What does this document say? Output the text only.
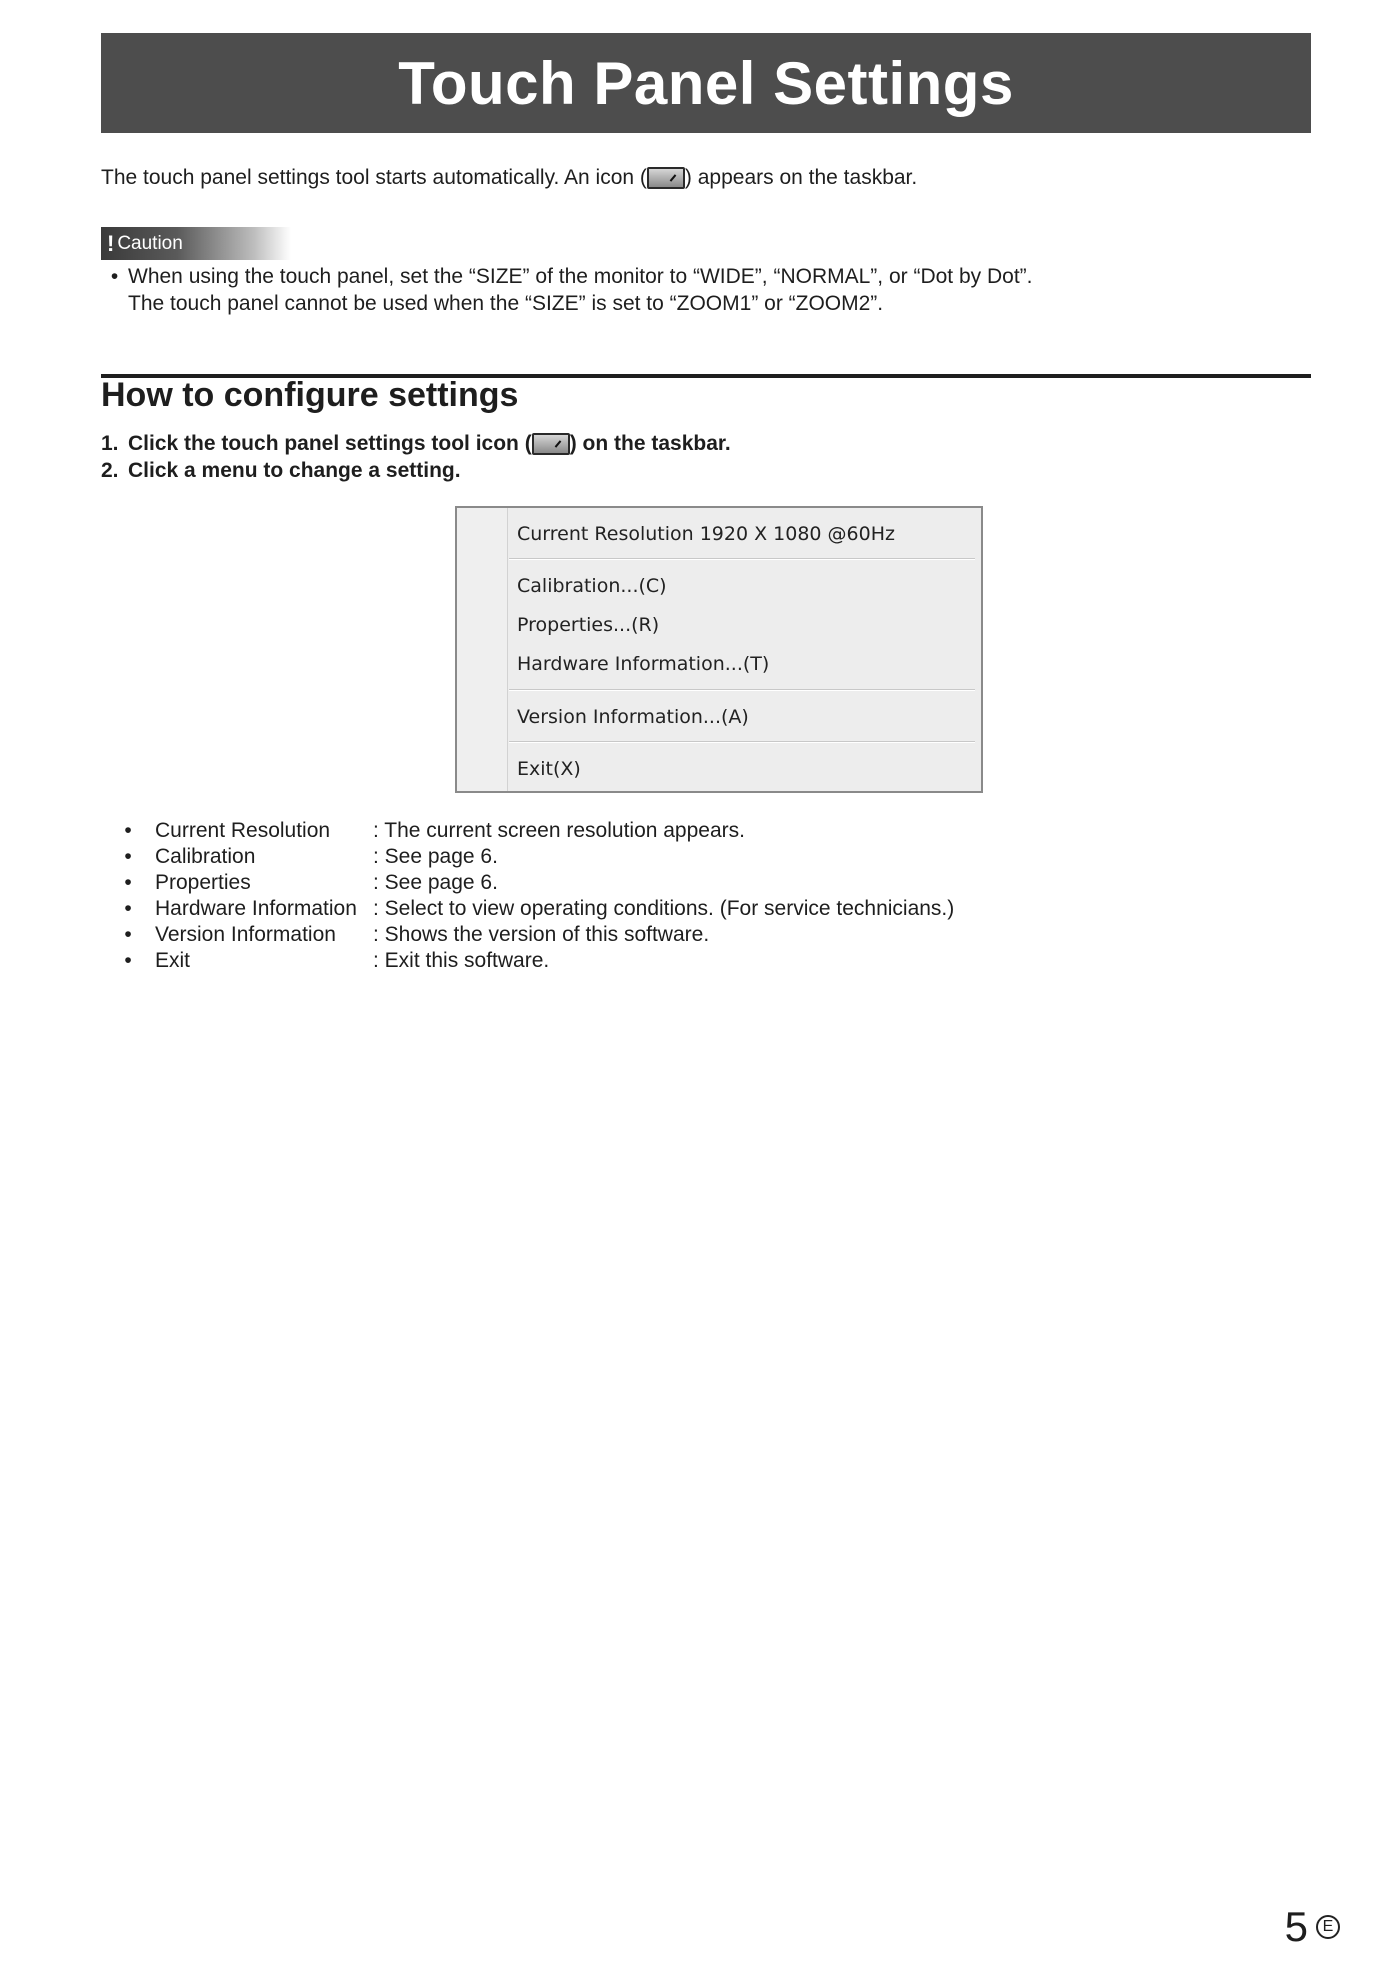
Touch Panel Settings
The touch panel settings tool starts automatically. An icon ( ) appears on the taskbar.
! Caution
• When using the touch panel, set the “SIZE” of the monitor to “WIDE”, “NORMAL”, or “Dot by Dot”.
The touch panel cannot be used when the “SIZE” is set to “ZOOM1” or “ZOOM2”.
How to configure settings
1. Click the touch panel settings tool icon ( ) on the taskbar.
2. Click a menu to change a setting.
Current Resolution 1920 X 1080 @60Hz
Calibration...(C)
Properties...(R)
Hardware Information...(T)
Version Information...(A)
Exit(X)
•	Current Resolution	: The current screen resolution appears.
•	Calibration	: See page 6.
•	Properties	: See page 6.
•	Hardware Information : Select to view operating conditions. (For service technicians.)
•	Version Information	: Shows the version of this software.
•	Exit	: Exit this software.
5 E
